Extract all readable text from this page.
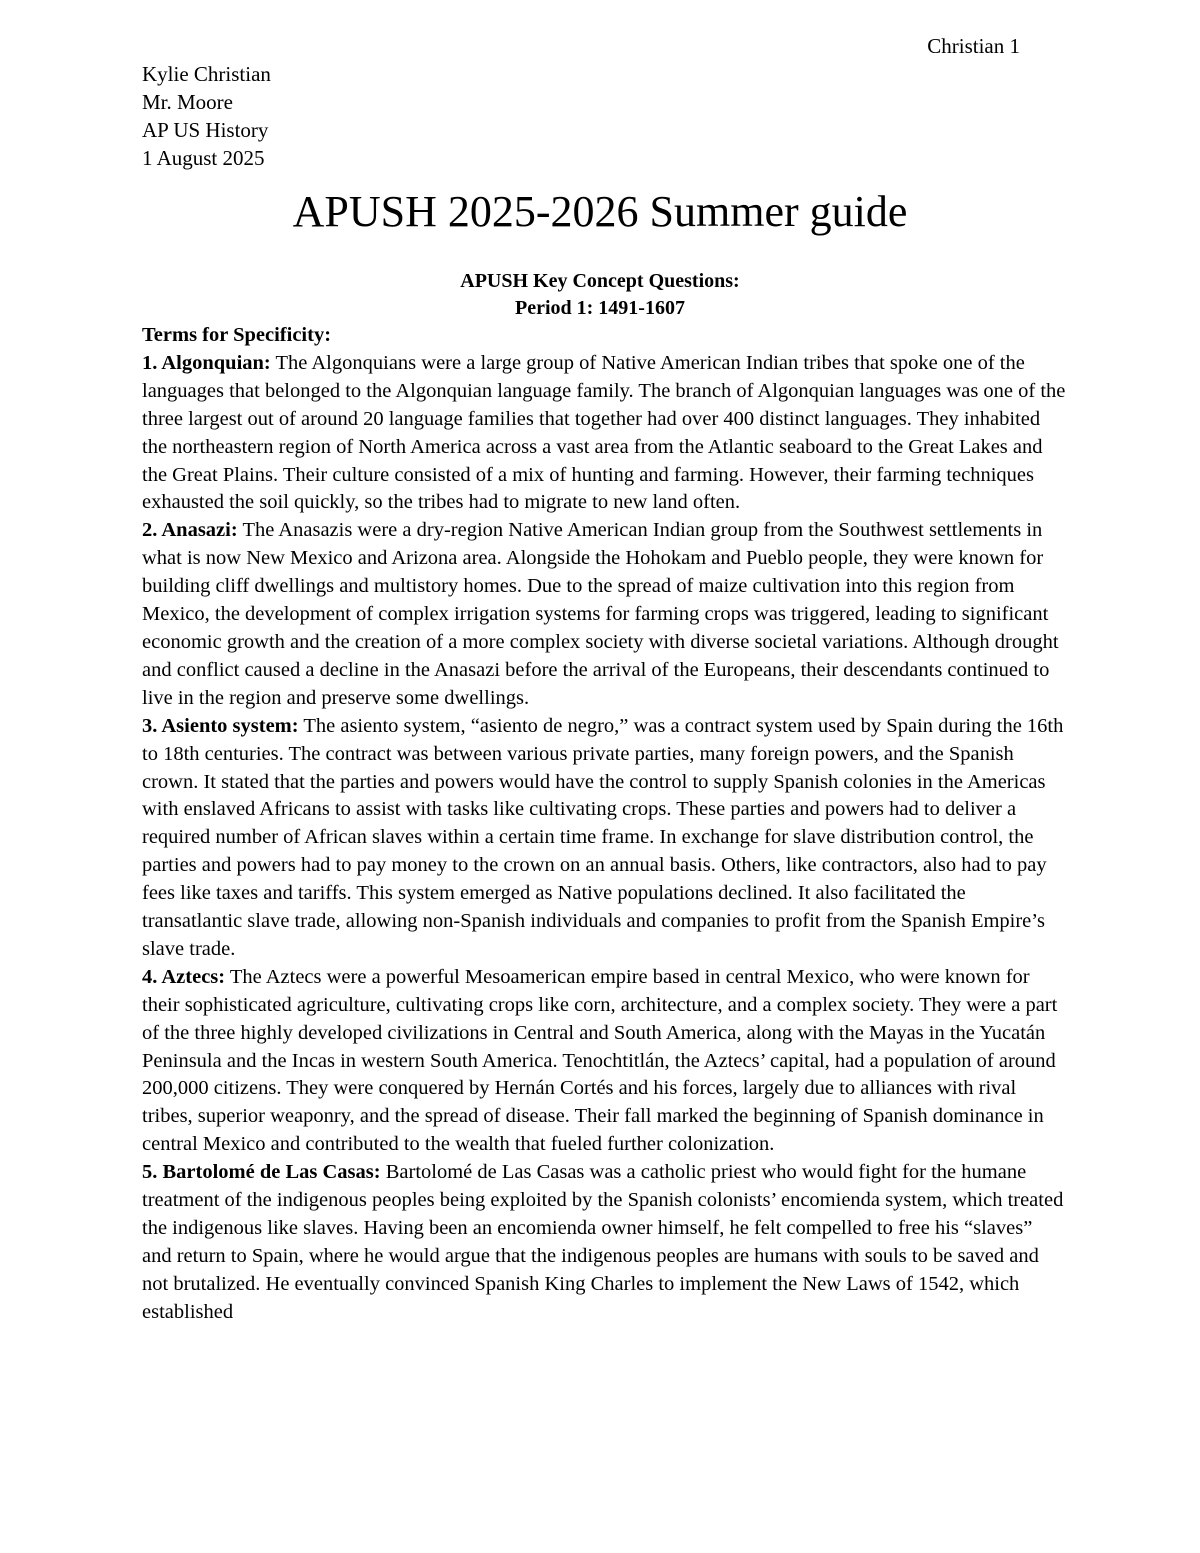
Christian 1
Kylie Christian
Mr. Moore
AP US History
1 August 2025
APUSH 2025-2026 Summer guide
APUSH Key Concept Questions:
Period 1: 1491-1607
Terms for Specificity:

1. Algonquian: The Algonquians were a large group of Native American Indian tribes that spoke one of the languages that belonged to the Algonquian language family. The branch of Algonquian languages was one of the three largest out of around 20 language families that together had over 400 distinct languages. They inhabited the northeastern region of North America across a vast area from the Atlantic seaboard to the Great Lakes and the Great Plains. Their culture consisted of a mix of hunting and farming. However, their farming techniques exhausted the soil quickly, so the tribes had to migrate to new land often.

2. Anasazi: The Anasazis were a dry-region Native American Indian group from the Southwest settlements in what is now New Mexico and Arizona area. Alongside the Hohokam and Pueblo people, they were known for building cliff dwellings and multistory homes. Due to the spread of maize cultivation into this region from Mexico, the development of complex irrigation systems for farming crops was triggered, leading to significant economic growth and the creation of a more complex society with diverse societal variations. Although drought and conflict caused a decline in the Anasazi before the arrival of the Europeans, their descendants continued to live in the region and preserve some dwellings.

3. Asiento system: The asiento system, “asiento de negro,” was a contract system used by Spain during the 16th to 18th centuries. The contract was between various private parties, many foreign powers, and the Spanish crown. It stated that the parties and powers would have the control to supply Spanish colonies in the Americas with enslaved Africans to assist with tasks like cultivating crops. These parties and powers had to deliver a required number of African slaves within a certain time frame. In exchange for slave distribution control, the parties and powers had to pay money to the crown on an annual basis. Others, like contractors, also had to pay fees like taxes and tariffs. This system emerged as Native populations declined. It also facilitated the transatlantic slave trade, allowing non-Spanish individuals and companies to profit from the Spanish Empire’s slave trade.

4. Aztecs: The Aztecs were a powerful Mesoamerican empire based in central Mexico, who were known for their sophisticated agriculture, cultivating crops like corn, architecture, and a complex society. They were a part of the three highly developed civilizations in Central and South America, along with the Mayas in the Yucatán Peninsula and the Incas in western South America. Tenochtitlán, the Aztecs’ capital, had a population of around 200,000 citizens. They were conquered by Hernán Cortés and his forces, largely due to alliances with rival tribes, superior weaponry, and the spread of disease. Their fall marked the beginning of Spanish dominance in central Mexico and contributed to the wealth that fueled further colonization.

5. Bartolomé de Las Casas: Bartolomé de Las Casas was a catholic priest who would fight for the humane treatment of the indigenous peoples being exploited by the Spanish colonists’ encomienda system, which treated the indigenous like slaves. Having been an encomienda owner himself, he felt compelled to free his “slaves” and return to Spain, where he would argue that the indigenous peoples are humans with souls to be saved and not brutalized. He eventually convinced Spanish King Charles to implement the New Laws of 1542, which established
